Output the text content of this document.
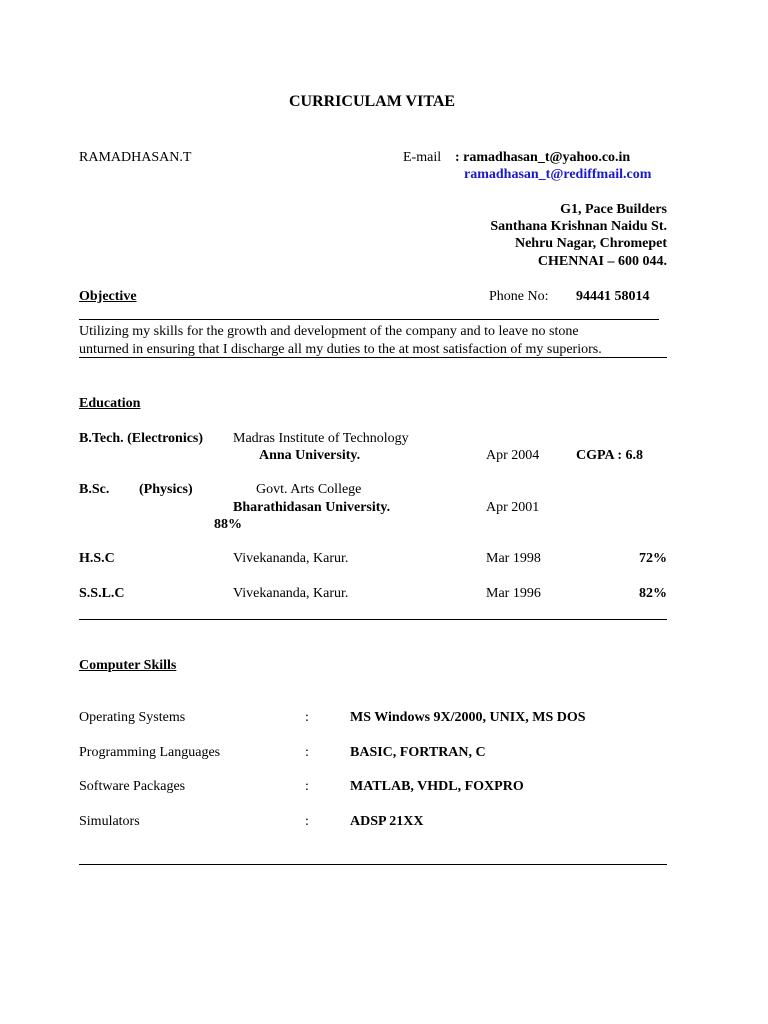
CURRICULAM VITAE
RAMADHASAN.T	E-mail : ramadhasan_t@yahoo.co.in
ramadhasan_t@rediffmail.com
G1, Pace Builders
Santhana Krishnan Naidu St.
Nehru Nagar, Chromepet
CHENNAI – 600 044.
Objective	Phone No: 94441 58014
Utilizing my skills for the growth and development of the company and to leave no stone
unturned in ensuring that I discharge all my duties to the at most satisfaction of my superiors.
Education
B.Tech. (Electronics) Madras Institute of Technology
Anna University.	Apr 2004	CGPA : 6.8
B.Sc. (Physics)	Govt. Arts College
Bharathidasan University.	Apr 2001
88%
H.S.C	Vivekananda, Karur.	Mar 1998	72%
S.S.L.C	Vivekananda, Karur.	Mar 1996	82%
Computer Skills
Operating Systems	:	MS Windows 9X/2000, UNIX, MS DOS
Programming Languages	:	BASIC, FORTRAN, C
Software Packages	:	MATLAB, VHDL, FOXPRO
Simulators	:	ADSP 21XX
